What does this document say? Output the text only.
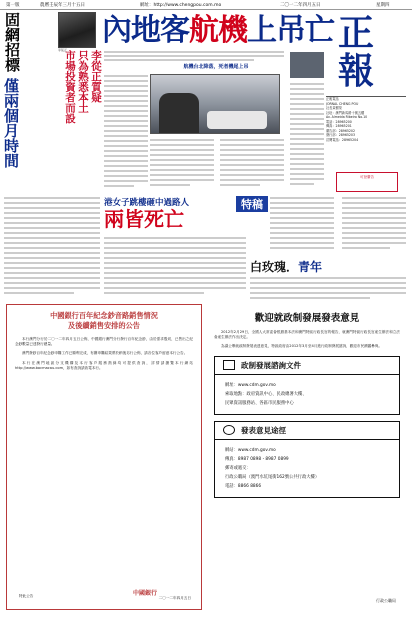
第一版	農曆壬辰年三月十五日	網址：http://www.chengpou.com.mo	二〇一二年四月五日	星期四
固網招標
僅兩個月時間
李從正質疑
只為熟悉本土
市場投資者而設
李從正
內地客航機上吊亡
航機台北降落，死者機尾上吊
正
報
正報電話
JORNAL CHENG POU
社長黃樹榮
社址：澳門新馬路十號五樓
Av. Almeida Ribeiro No.10
電話：28965200
傳真：28965201
廣告部：28965202
發行部：28965203
訂閱電話：28965204
可登廣告
港女子跳樓砸中過路人
兩皆死亡
特稿
白玫瑰．青年
中國銀行百年紀念鈔音路銷售情況
及後續銷售安排的公告

本行澳門分行於二〇一二年四月五日公佈，中國銀行澳門分行發行百年紀念鈔，由於需求殷切，已售出之紀念鈔數量已達發行總量。

澳門發鈔百年紀念鈔申購工作已順利完成，有關申購結果將於稍後另行公佈，請各位客戶留意本行公告。

本行在澳門地區分支機構及本行客戶服務熱線均可提供查詢，詳情請瀏覽本行網站http://www.bocmacau.com，如有查詢請致電本行。

特此公告	中國銀行
二〇一二年四月五日
歡迎就政制發展發表意見

2012年2月29日，全國人大常委會根據基本法和澳門特區行政長官的報告，就澳門特區行政長官產生辦法和立法會產生辦法作出決定。

為讓公眾就政制發展表達意見，特區政府由2012年3月至4月進行政制發展諮詢，歡迎市民踴躍參與。

政制發展諮詢文件
網址：www.cdm.gov.mo
索取地點：政府資訊中心、民政總署大樓、
民眾資訊服務站、各區市民服務中心
發表意見途徑
網站：www.cdm.gov.mo
傳真：8987 0898・8987 0899
郵寄或遞交：
行政公職局（澳門水坑尾街162號公共行政大樓）
電話：8866 8866
行政公職局
